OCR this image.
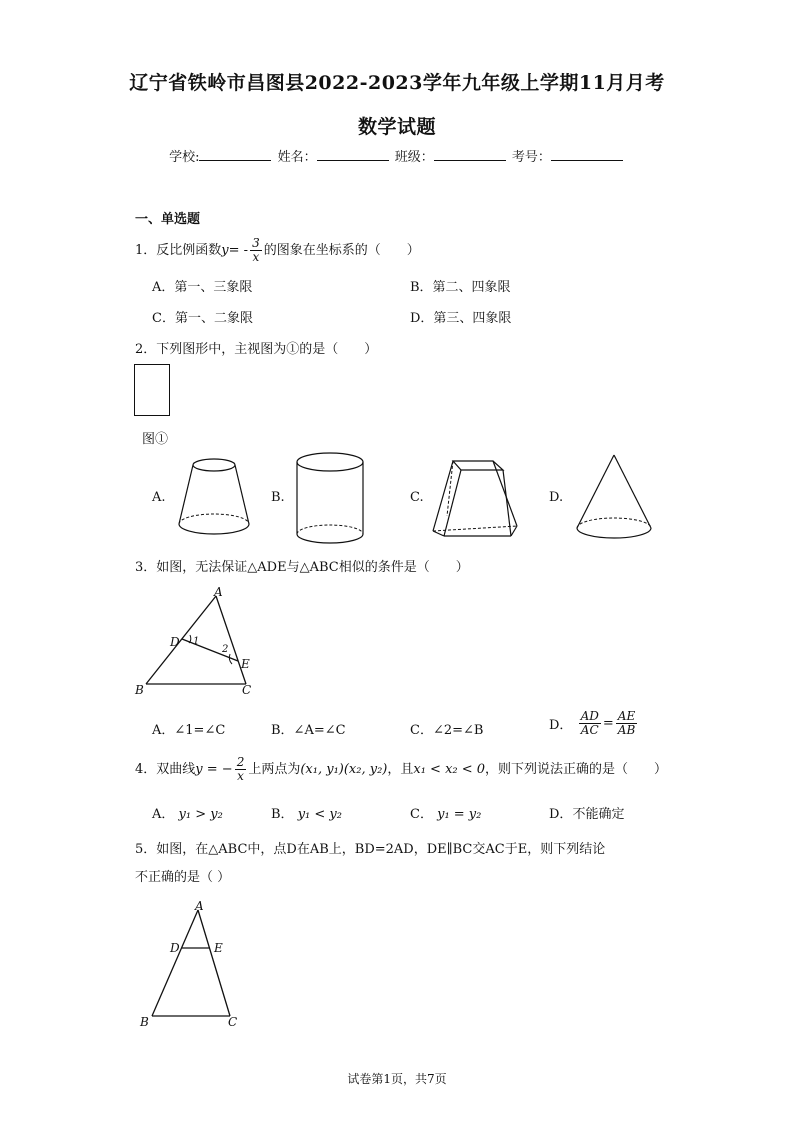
辽宁省铁岭市昌图县2022-2023学年九年级上学期11月月考
数学试题
学校:	姓名：	班级：	考号：
一、单选题
1．反比例函数$y= - \frac{3}{x}$ 的图象在坐标系的（　　）
A．第一、三象限	B．第二、四象限
C．第一、二象限	D．第三、四象限
2．下列图形中，主视图为①的是（　　）
图①
A.	B.	C.	D.
3．如图，无法保证△ADE与△ABC相似的条件是（　　）
A
B	C
D
E
1
2
A．∠1=∠C	B．∠A=∠C	C．∠2=∠B	D． $\frac{AD}{AC} = \frac{AE}{AB}$
4．双曲线y = − $\frac{2}{x}$ 上两点为(x₁, y₁)(x₂, y₂)，且x₁ < x₂ < 0，则下列说法正确的是（　　）
A． y₁ > y₂	B． y₁ < y₂	C． y₁ = y₂	D．不能确定
5．如图，在△ABC中，点D在AB上，BD=2AD，DE∥BC交AC于E，则下列结论
不正确的是（ ）
A
B	C
D	E
试卷第1页，共7页
